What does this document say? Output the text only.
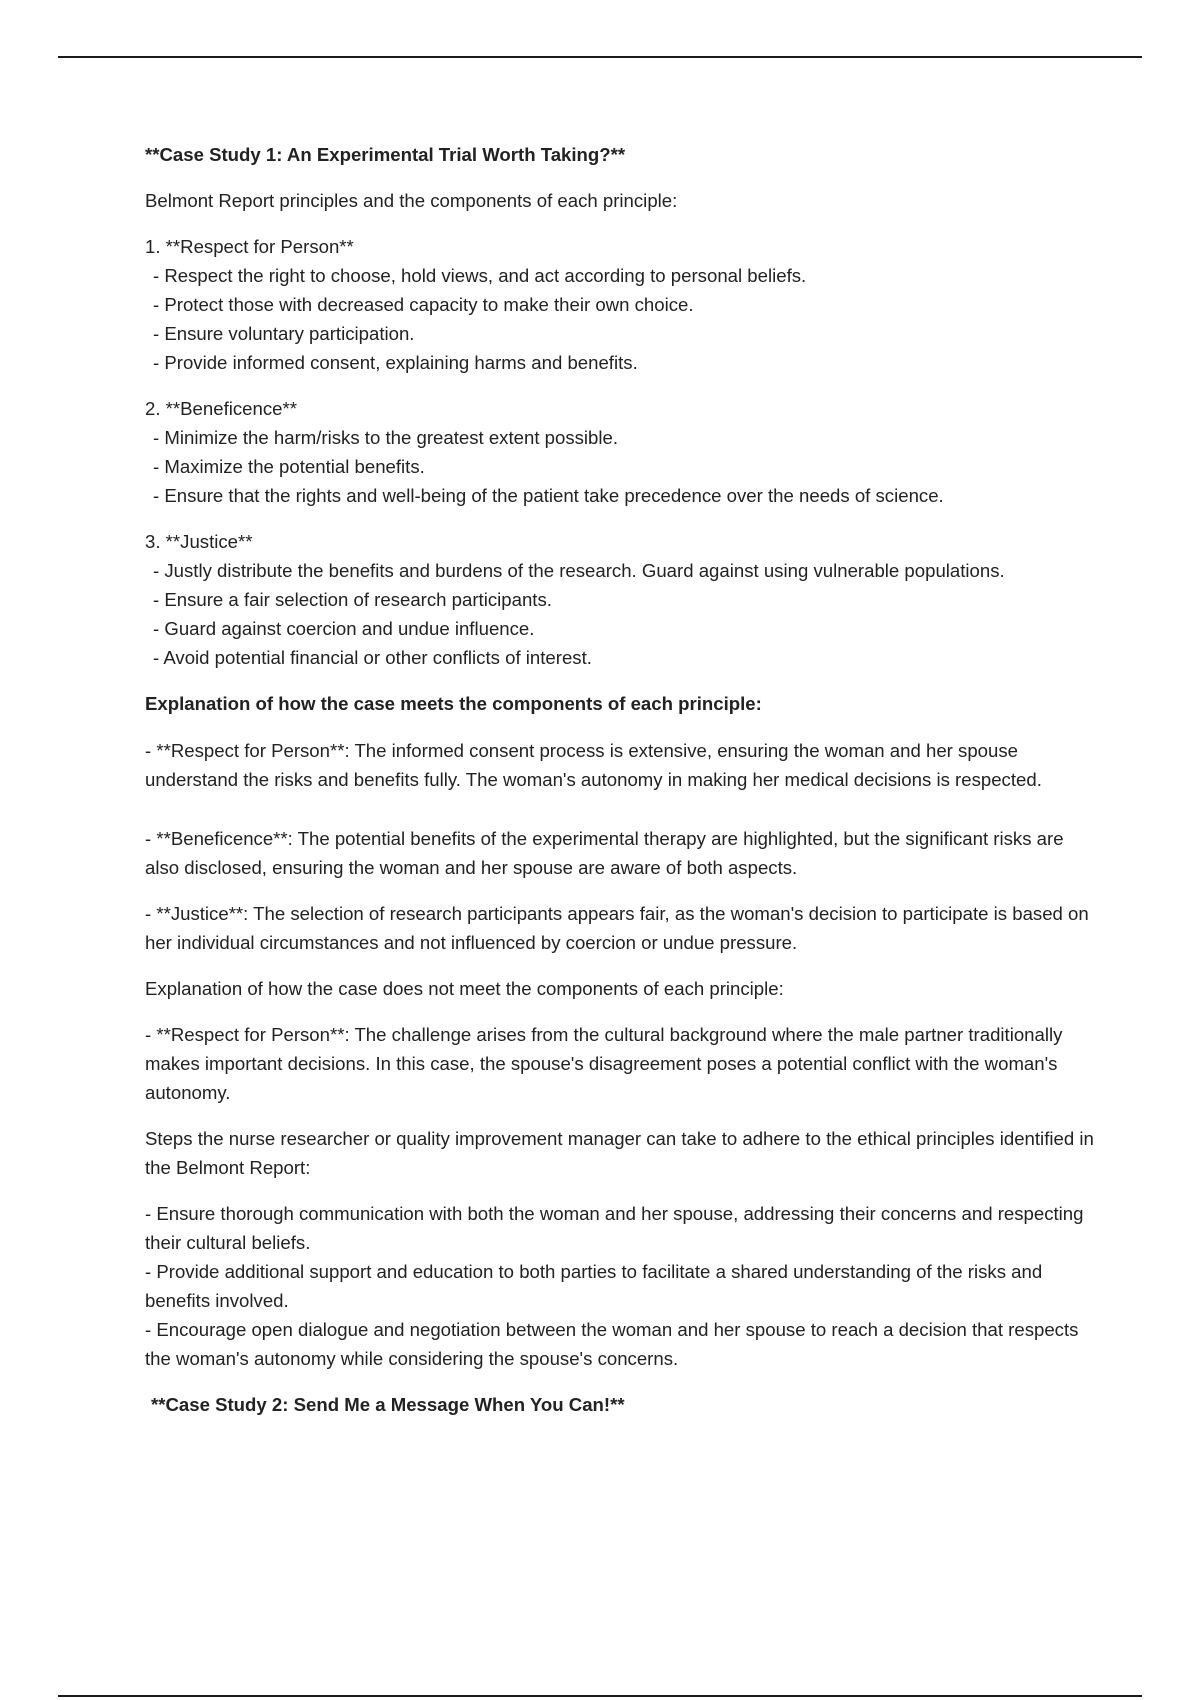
**Case Study 1: An Experimental Trial Worth Taking?**
Belmont Report principles and the components of each principle:
1. **Respect for Person**
- Respect the right to choose, hold views, and act according to personal beliefs.
- Protect those with decreased capacity to make their own choice.
- Ensure voluntary participation.
- Provide informed consent, explaining harms and benefits.
2. **Beneficence**
- Minimize the harm/risks to the greatest extent possible.
- Maximize the potential benefits.
- Ensure that the rights and well-being of the patient take precedence over the needs of science.
3. **Justice**
- Justly distribute the benefits and burdens of the research. Guard against using vulnerable populations.
- Ensure a fair selection of research participants.
- Guard against coercion and undue influence.
- Avoid potential financial or other conflicts of interest.
Explanation of how the case meets the components of each principle:
- **Respect for Person**: The informed consent process is extensive, ensuring the woman and her spouse understand the risks and benefits fully. The woman's autonomy in making her medical decisions is respected.
- **Beneficence**: The potential benefits of the experimental therapy are highlighted, but the significant risks are also disclosed, ensuring the woman and her spouse are aware of both aspects.
- **Justice**: The selection of research participants appears fair, as the woman's decision to participate is based on her individual circumstances and not influenced by coercion or undue pressure.
Explanation of how the case does not meet the components of each principle:
- **Respect for Person**: The challenge arises from the cultural background where the male partner traditionally makes important decisions. In this case, the spouse's disagreement poses a potential conflict with the woman's autonomy.
Steps the nurse researcher or quality improvement manager can take to adhere to the ethical principles identified in the Belmont Report:
- Ensure thorough communication with both the woman and her spouse, addressing their concerns and respecting their cultural beliefs.
- Provide additional support and education to both parties to facilitate a shared understanding of the risks and benefits involved.
- Encourage open dialogue and negotiation between the woman and her spouse to reach a decision that respects the woman's autonomy while considering the spouse's concerns.
**Case Study 2: Send Me a Message When You Can!**
